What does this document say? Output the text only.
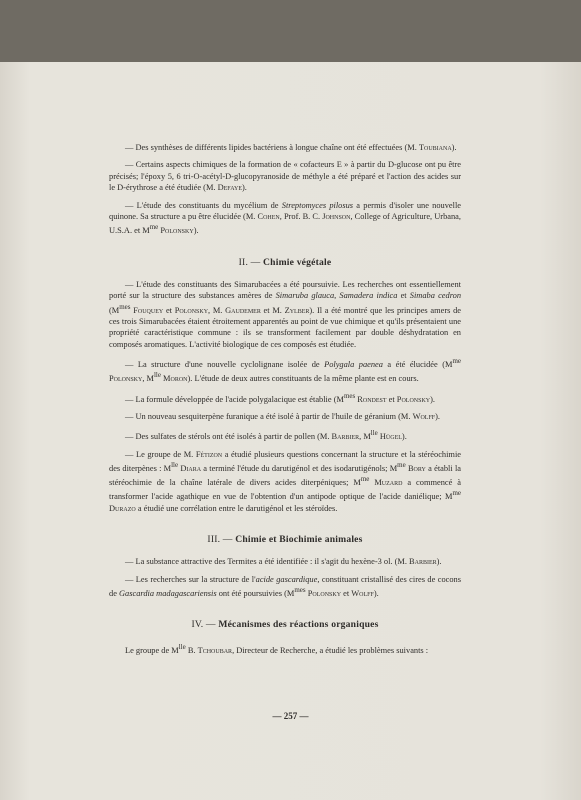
— Des synthèses de différents lipides bactériens à longue chaîne ont été effectuées (M. Toubiana).

— Certains aspects chimiques de la formation de « cofacteurs E » à partir du D-glucose ont pu être précisés; l'époxy 5, 6 tri-O-acétyl-D-glucopyranoside de méthyle a été préparé et l'action des acides sur le D-érythrose a été étudiée (M. Defaye).

— L'étude des constituants du mycélium de Streptomyces pilosus a permis d'isoler une nouvelle quinone. Sa structure a pu être élucidée (M. Cohen, Prof. B. C. Johnson, College of Agriculture, Urbana, U.S.A. et $M^{me}$ Polonsky).

II. — Chimie végétale

— L'étude des constituants des Simarubacées a été poursuivie. Les recherches ont essentiellement porté sur la structure des substances amères de Simaruba glauca, Samadera indica et Simaba cedron ($M^{mes}$ Fouquey et Polonsky, M. Gaudemer et M. Zylber). Il a été montré que les principes amers de ces trois Simarubacées étaient étroitement apparentés au point de vue chimique et qu'ils présentaient une propriété caractéristique commune : ils se transforment facilement par double déshydratation en composés aromatiques. L'activité biologique de ces composés est étudiée.

— La structure d'une nouvelle cyclolignane isolée de Polygala paenea a été élucidée ($M^{me}$ Polonsky, $M^{lle}$ Moron). L'étude de deux autres constituants de la même plante est en cours.

— La formule développée de l'acide polygalacique est établie ($M^{mes}$ Rondest et Polonsky).

— Un nouveau sesquiterpène furanique a été isolé à partir de l'huile de géranium (M. Wolff).

— Des sulfates de stérols ont été isolés à partir de pollen (M. Barbier, $M^{lle}$ Hügel).

— Le groupe de M. Fétizon a étudié plusieurs questions concernant la structure et la stéréochimie des diterpènes : $M^{lle}$ Diara a terminé l'étude du darutigénol et des isodarutigénols; $M^{me}$ Bory a établi la stéréochimie de la chaîne latérale de divers acides diterpéniques; $M^{me}$ Muzard a commencé à transformer l'acide agathique en vue de l'obtention d'un antipode optique de l'acide daniélique; $M^{me}$ Durazo a étudié une corrélation entre le darutigénol et les stéroïdes.

III. — Chimie et Biochimie animales

— La substance attractive des Termites a été identifiée : il s'agit du hexène-3 ol. (M. Barbier).

— Les recherches sur la structure de l'acide gascardique, constituant cristallisé des cires de cocons de Gascardia madagascariensis ont été poursuivies ($M^{mes}$ Polonsky et Wolff).

IV. — Mécanismes des réactions organiques

Le groupe de $M^{lle}$ B. Tchoubar, Directeur de Recherche, a étudié les problèmes suivants :

— 257 —
